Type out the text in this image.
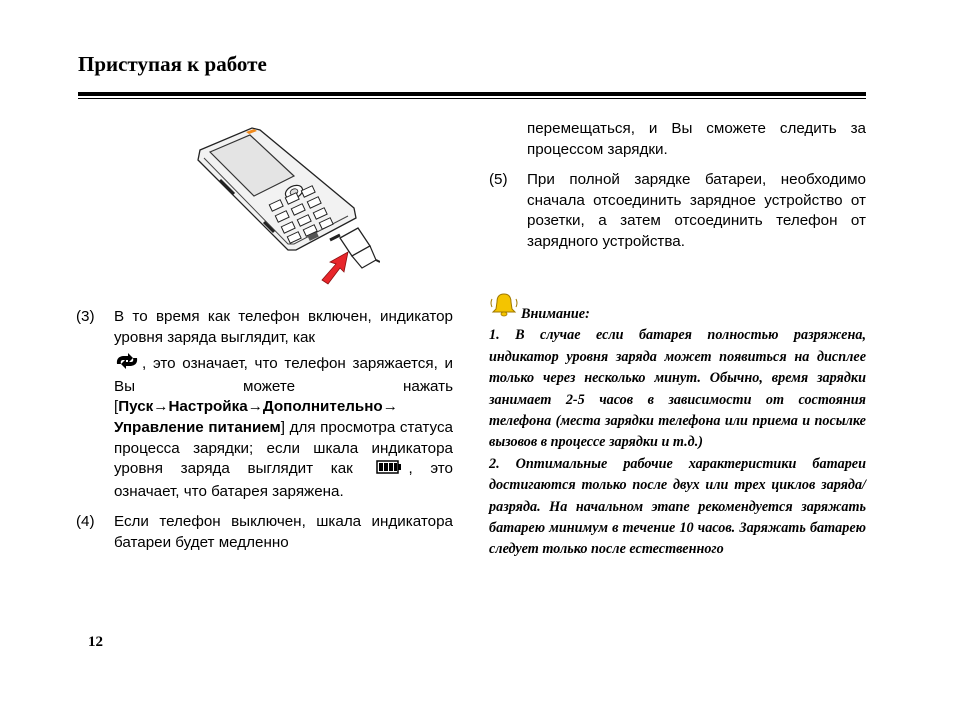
Приступая к работе
(3)	В то время как телефон включен, индикатор уровня заряда выглядит, как
, это означает, что телефон заряжается, и Вы можете нажать [Пуск→Настройка→Дополнительно→ Управление питанием] для просмотра статуса процесса зарядки; если шкала индикатора уровня заряда выглядит как	, это означает, что батарея заряжена.
(4)	Если телефон выключен, шкала индикатора батареи будет медленно
перемещаться, и Вы сможете следить за процессом зарядки.
(5)	При полной зарядке батареи, необходимо сначала отсоединить зарядное устройство от розетки, а затем отсоединить телефон от зарядного устройства.
Внимание:

1. В случае если батарея полностью разряжена, индикатор уровня заряда может появиться на дисплее только через несколько минут. Обычно, время зарядки занимает 2-5 часов в зависимости от состояния телефона (места зарядки телефона или приема и посылке вызовов в процессе зарядки и т.д.)

2. Оптимальные рабочие характеристики батареи достигаются только после двух или трех циклов заряда/разряда. На начальном этапе рекомендуется заряжать батарею минимум в течение 10 часов. Заряжать батарею следует только после естественного

12
